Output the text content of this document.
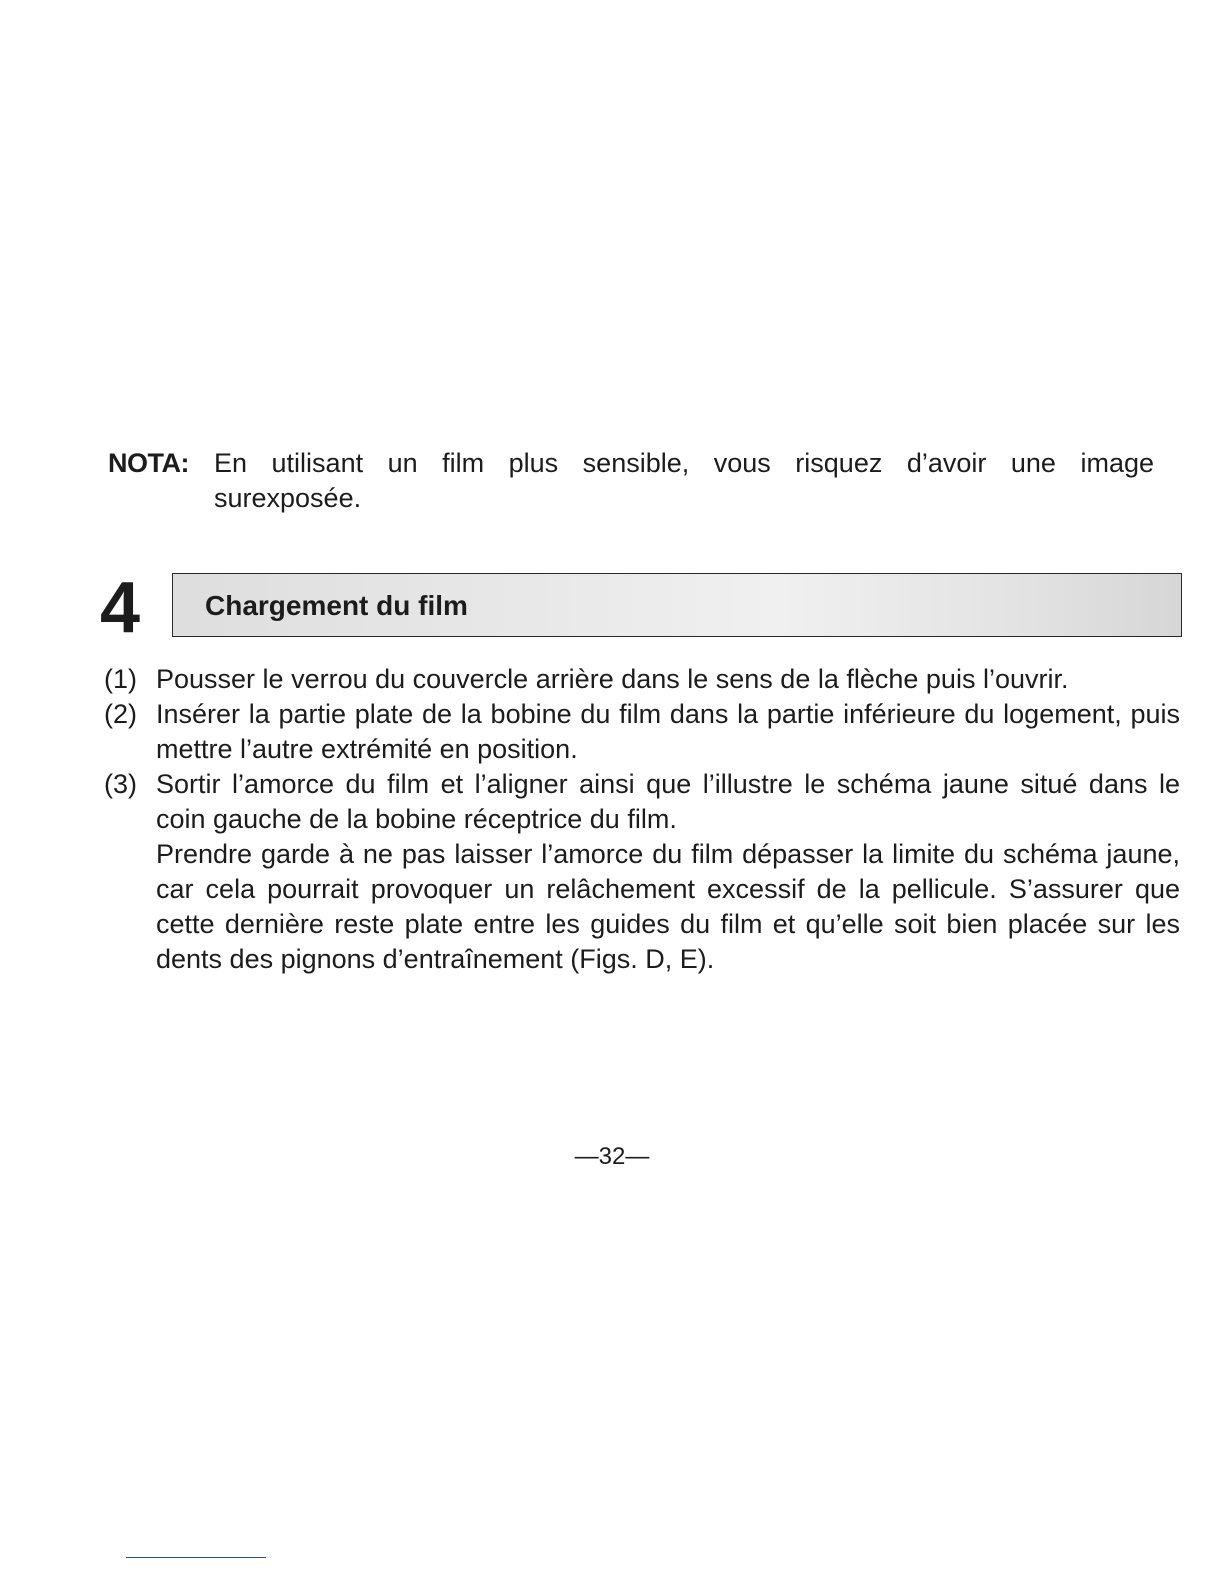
NOTA: En utilisant un film plus sensible, vous risquez d’avoir une image surexposée.
4 Chargement du film
(1) Pousser le verrou du couvercle arrière dans le sens de la flèche puis l’ouvrir.

(2) Insérer la partie plate de la bobine du film dans la partie inférieure du logement, puis mettre l’autre extrémité en position.

(3) Sortir l’amorce du film et l’aligner ainsi que l’illustre le schéma jaune situé dans le coin gauche de la bobine réceptrice du film.

Prendre garde à ne pas laisser l’amorce du film dépasser la limite du schéma jaune, car cela pourrait provoquer un relâchement excessif de la pellicule. S’assurer que cette dernière reste plate entre les guides du film et qu’elle soit bien placée sur les dents des pignons d’entraînement (Figs. D, E).

—32—
